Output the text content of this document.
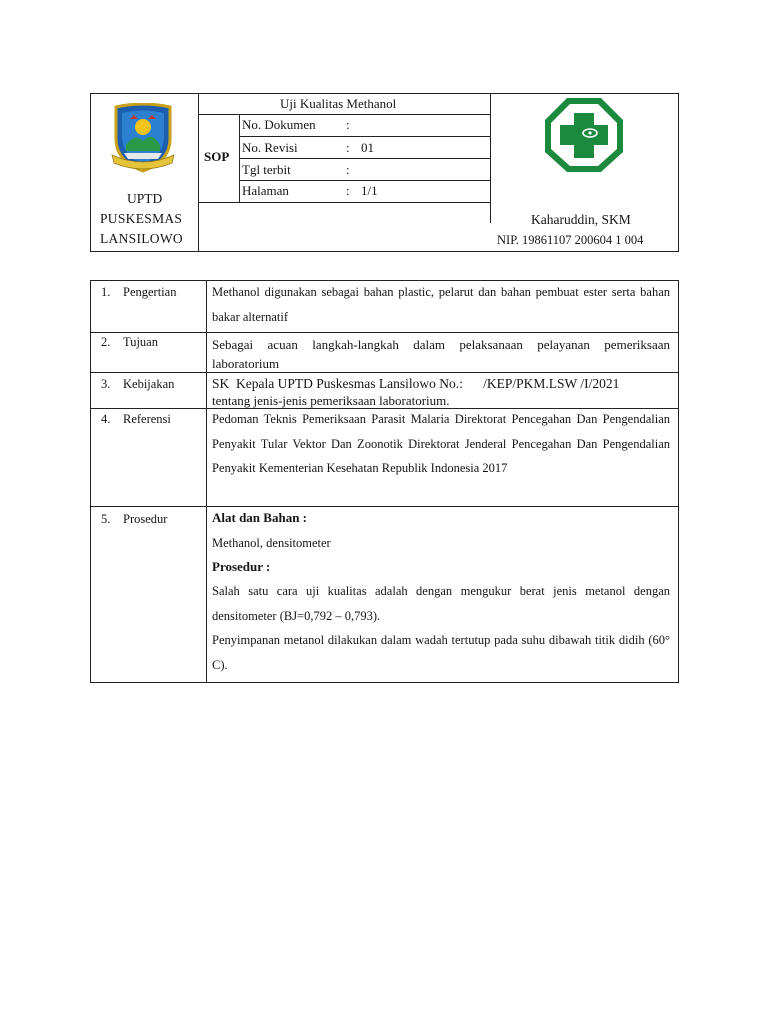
UPTD
PUSKESMAS
LANSILOWO
Uji Kualitas Methanol
SOP
No. Dokumen :
No. Revisi	: 01
Tgl terbit	:
Halaman	: 1/1
Kaharuddin, SKM
NIP. 19861107 200604 1 004
1. Pengertian	Methanol digunakan sebagai bahan plastic, pelarut dan bahan pembuat ester serta bahan bakar alternatif
2. Tujuan	Sebagai acuan langkah-langkah dalam pelaksanaan pelayanan pemeriksaan laboratorium
3. Kebijakan	SK  Kepala UPTD Puskesmas Lansilowo No.:      /KEP/PKM.LSW /I/2021
tentang jenis-jenis pemeriksaan laboratorium.
4. Referensi	Pedoman Teknis Pemeriksaan Parasit Malaria Direktorat Pencegahan Dan Pengendalian Penyakit Tular Vektor Dan Zoonotik Direktorat Jenderal Pencegahan Dan Pengendalian Penyakit Kementerian Kesehatan Republik Indonesia 2017
5. Prosedur	Alat dan Bahan :
Methanol, densitometer
Prosedur :
Salah satu cara uji kualitas adalah dengan mengukur berat jenis metanol dengan densitometer (BJ=0,792 – 0,793).
Penyimpanan metanol dilakukan dalam wadah tertutup pada suhu dibawah titik didih (60° C).
